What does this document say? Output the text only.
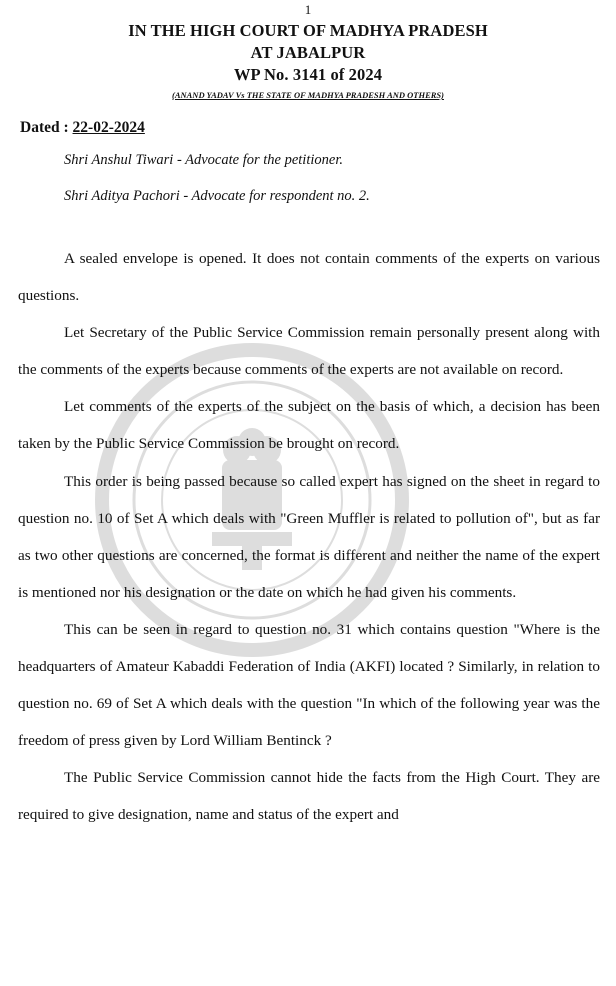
1
IN THE HIGH COURT OF MADHYA PRADESH
AT JABALPUR
WP No. 3141 of 2024
(ANAND YADAV Vs THE STATE OF MADHYA PRADESH AND OTHERS)
Dated : 22-02-2024
Shri Anshul Tiwari - Advocate for the petitioner.
Shri Aditya Pachori - Advocate for respondent no. 2.

A sealed envelope is opened. It does not contain comments of the experts on various questions.

Let Secretary of the Public Service Commission remain personally present along with the comments of the experts because comments of the experts are not available on record.

Let comments of the experts of the subject on the basis of which, a decision has been taken by the Public Service Commission be brought on record.

This order is being passed because so called expert has signed on the sheet in regard to question no. 10 of Set A which deals with "Green Muffler is related to pollution of", but as far as two other questions are concerned, the format is different and neither the name of the expert is mentioned nor his designation or the date on which he had given his comments.

This can be seen in regard to question no. 31 which contains question "Where is the headquarters of Amateur Kabaddi Federation of India (AKFI) located ? Similarly, in relation to question no. 69 of Set A which deals with the question "In which of the following year was the freedom of press given by Lord William Bentinck ?

The Public Service Commission cannot hide the facts from the High Court. They are required to give designation, name and status of the expert and
